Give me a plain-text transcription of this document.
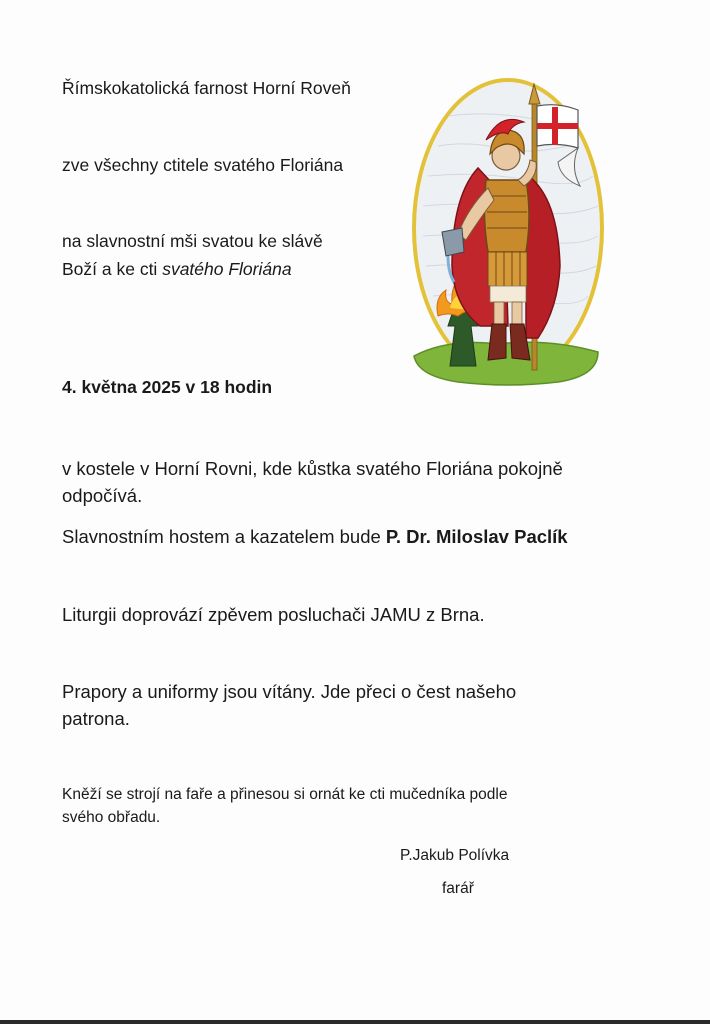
Římskokatolická farnost Horní Roveň

zve všechny ctitele svatého Floriána

na slavnostní mši svatou ke slávě

Boží a ke cti svatého Floriána

4. května 2025 v 18 hodin

v kostele v Horní Rovni, kde kůstka svatého Floriána pokojně

odpočívá.

Slavnostním hostem a kazatelem bude P. Dr. Miloslav Paclík

Liturgii doprovází zpěvem posluchači JAMU z Brna.

Prapory a uniformy jsou vítány. Jde přeci o čest našeho

patrona.

Kněží se strojí na faře a přinesou si ornát ke cti mučedníka podle

svého obřadu.

P.Jakub Polívka

farář
